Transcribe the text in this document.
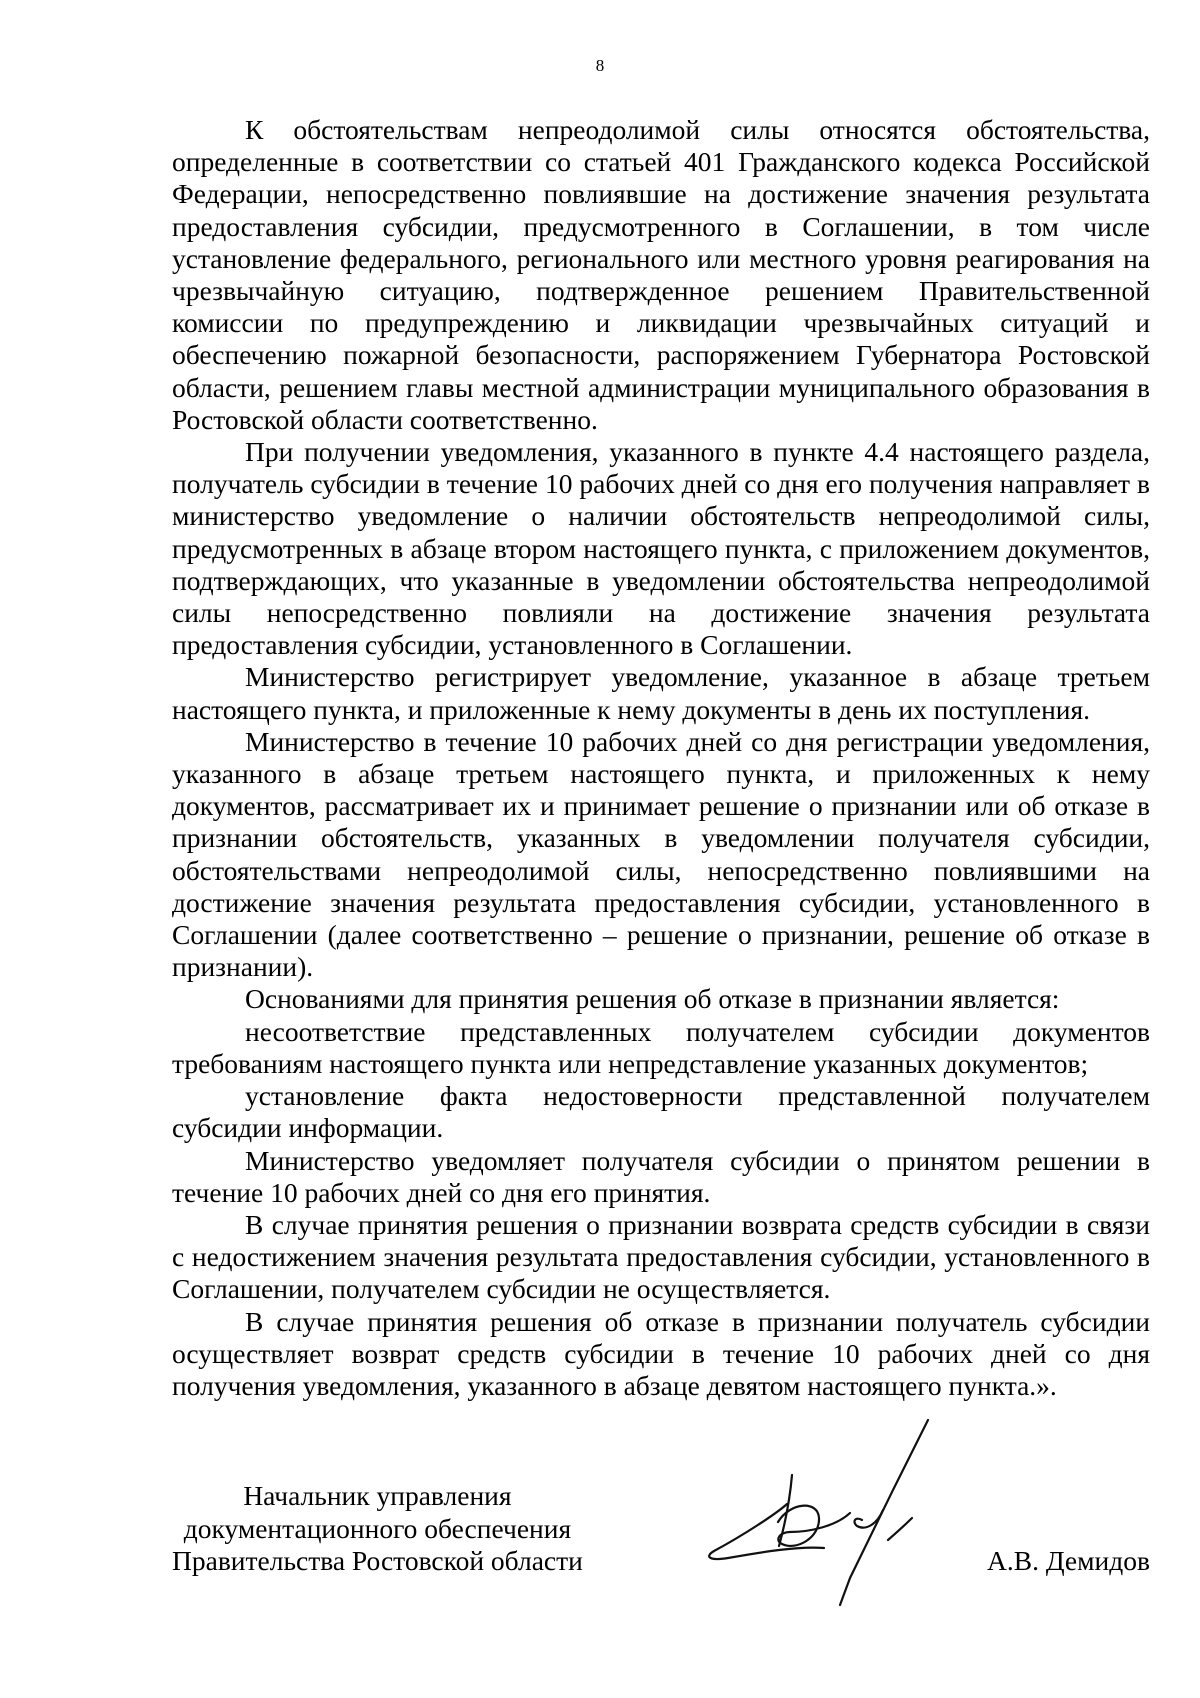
8

К обстоятельствам непреодолимой силы относятся обстоятельства, определенные в соответствии со статьей 401 Гражданского кодекса Российской Федерации, непосредственно повлиявшие на достижение значения результата предоставления субсидии, предусмотренного в Соглашении, в том числе установление федерального, регионального или местного уровня реагирования на чрезвычайную ситуацию, подтвержденное решением Правительственной комиссии по предупреждению и ликвидации чрезвычайных ситуаций и обеспечению пожарной безопасности, распоряжением Губернатора Ростовской области, решением главы местной администрации муниципального образования в Ростовской области соответственно.

При получении уведомления, указанного в пункте 4.4 настоящего раздела, получатель субсидии в течение 10 рабочих дней со дня его получения направляет в министерство уведомление о наличии обстоятельств непреодолимой силы, предусмотренных в абзаце втором настоящего пункта, с приложением документов, подтверждающих, что указанные в уведомлении обстоятельства непреодолимой силы непосредственно повлияли на достижение значения результата предоставления субсидии, установленного в Соглашении.

Министерство регистрирует уведомление, указанное в абзаце третьем настоящего пункта, и приложенные к нему документы в день их поступления.

Министерство в течение 10 рабочих дней со дня регистрации уведомления, указанного в абзаце третьем настоящего пункта, и приложенных к нему документов, рассматривает их и принимает решение о признании или об отказе в признании обстоятельств, указанных в уведомлении получателя субсидии, обстоятельствами непреодолимой силы, непосредственно повлиявшими на достижение значения результата предоставления субсидии, установленного в Соглашении (далее соответственно – решение о признании, решение об отказе в признании).

Основаниями для принятия решения об отказе в признании является:

несоответствие представленных получателем субсидии документов требованиям настоящего пункта или непредставление указанных документов;

установление факта недостоверности представленной получателем субсидии информации.

Министерство уведомляет получателя субсидии о принятом решении в течение 10 рабочих дней со дня его принятия.

В случае принятия решения о признании возврата средств субсидии в связи с недостижением значения результата предоставления субсидии, установленного в Соглашении, получателем субсидии не осуществляется.

В случае принятия решения об отказе в признании получатель субсидии осуществляет возврат средств субсидии в течение 10 рабочих дней со дня получения уведомления, указанного в абзаце девятом настоящего пункта.».

Начальник управления
документационного обеспечения
Правительства Ростовской области	А.В. Демидов
